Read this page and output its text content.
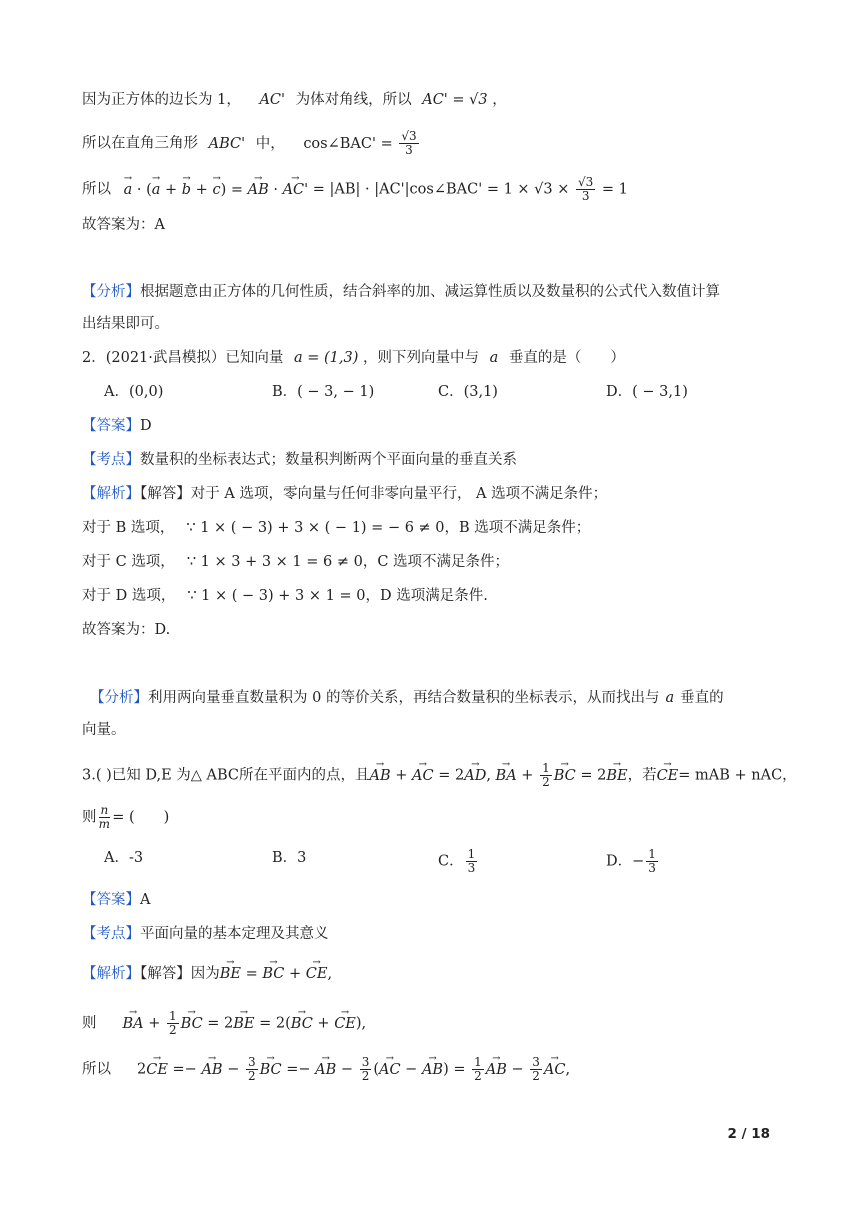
因为正方体的边长为 1， AC' 为体对角线，所以 AC' = √3 ，
所以在直角三角形 ABC' 中， cos∠BAC' = $\frac{√3}{3}$
所以 → a · (→ a + → b + → c) = → AB · → AC' = |AB| · |AC'|cos∠BAC' = $1 \times √3 \times \frac{√3}{3} = 1$
故答案为：A
【分析】根据题意由正方体的几何性质，结合斜率的加、减运算性质以及数量积的公式代入数值计算
出结果即可。
2．(2021·武昌模拟）已知向量 a = (1,3) ，则下列向量中与 a 垂直的是（　　）
A．(0,0)	B．( − 3, − 1)	C．(3,1)	D．( − 3,1)
【答案】D
【考点】数量积的坐标表达式；数量积判断两个平面向量的垂直关系
【解析】【解答】对于 A 选项，零向量与任何非零向量平行， A 选项不满足条件；
对于 B 选项， ∵ 1 × ( − 3) + 3 × ( − 1) = − 6 ≠ 0，B 选项不满足条件；
对于 C 选项， ∵ 1 × 3 + 3 × 1 = 6 ≠ 0，C 选项不满足条件；
对于 D 选项， ∵ 1 × ( − 3) + 3 × 1 = 0，D 选项满足条件.
故答案为：D.
【分析】利用两向量垂直数量积为 0 的等价关系，再结合数量积的坐标表示，从而找出与 a 垂直的
向量。
3.( )已知 D,E 为△ ABC所在平面内的点，且→ AB + → AC = 2→ AD, → BA + $\frac{1}{2}$ → BC = 2→ BE，若→ CE= mAB + nAC，
则 $\frac{n}{m}$ = (　　)
A．-3	B．3	C． $\frac{1}{3}$	D．− $\frac{1}{3}$
【答案】A
【考点】平面向量的基本定理及其意义
【解析】【解答】因为→ BE = → BC + → CE,
则 → BA + $\frac{1}{2}$ → BC = 2→ BE = 2(→ BC + → CE),
所以 2→ CE =− → AB − $\frac{3}{2}$ → BC =− → AB − $\frac{3}{2}$ (→ AC − → $AB) = \frac{1}{2}$ → AB − $\frac{3}{2}$ → AC,
2 / 18
